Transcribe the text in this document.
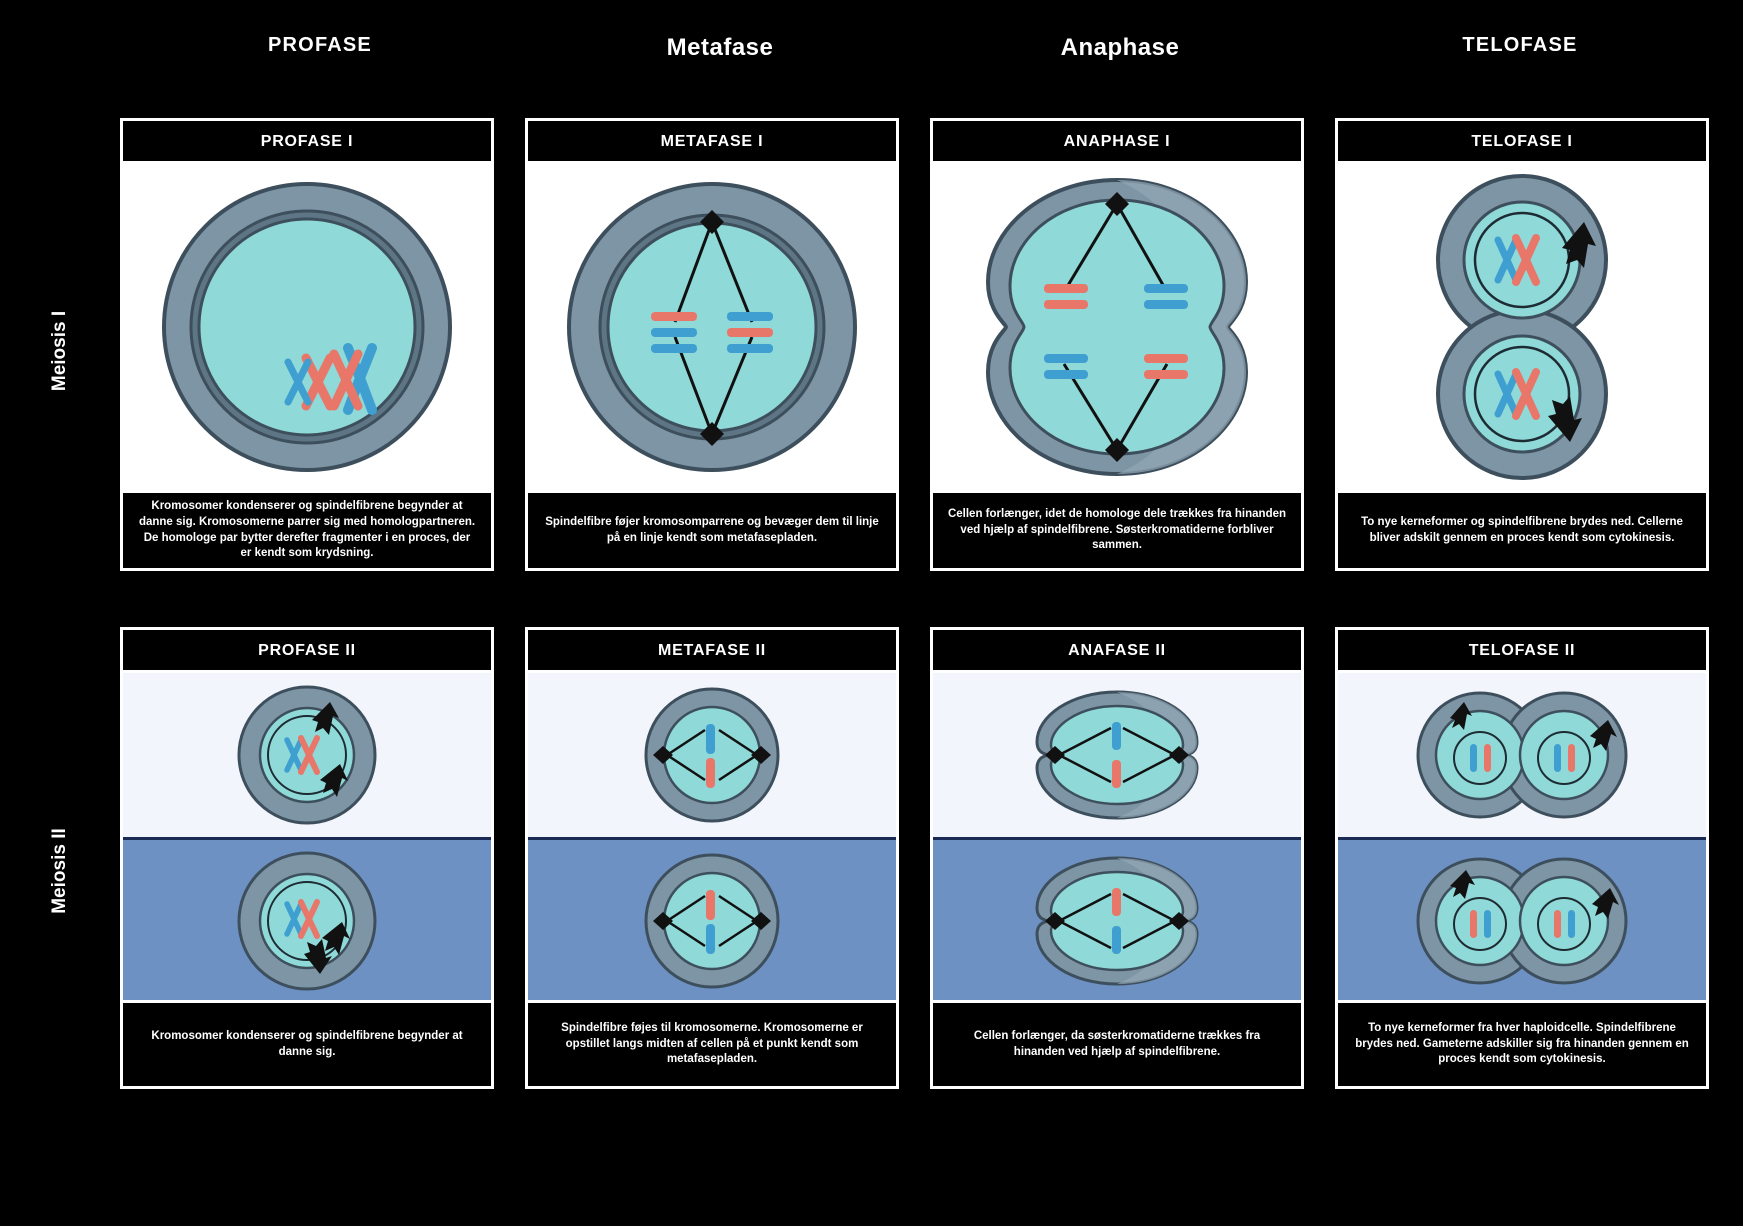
PROFASE	Metafase	Anaphase	TELOFASE
Meiosis I
Meiosis II
PROFASE I
Kromosomer kondenserer og spindelfibrene begynder at danne sig. Kromosomerne parrer sig med homologpartneren. De homologe par bytter derefter fragmenter i en proces, der er kendt som krydsning.
METAFASE I
Spindelfibre føjer kromosomparrene og bevæger dem til linje på en linje kendt som metafasepladen.
ANAPHASE I
Cellen forlænger, idet de homologe dele trækkes fra hinanden ved hjælp af spindelfibrene. Søsterkromatiderne forbliver sammen.
TELOFASE I
To nye kerneformer og spindelfibrene brydes ned. Cellerne bliver adskilt gennem en proces kendt som cytokinesis.
PROFASE II
Kromosomer kondenserer og spindelfibrene begynder at danne sig.
METAFASE II
Spindelfibre føjes til kromosomerne. Kromosomerne er opstillet langs midten af cellen på et punkt kendt som metafasepladen.
ANAFASE II
Cellen forlænger, da søsterkromatiderne trækkes fra hinanden ved hjælp af spindelfibrene.
TELOFASE II
To nye kerneformer fra hver haploidcelle. Spindelfibrene brydes ned. Gameterne adskiller sig fra hinanden gennem en proces kendt som cytokinesis.
